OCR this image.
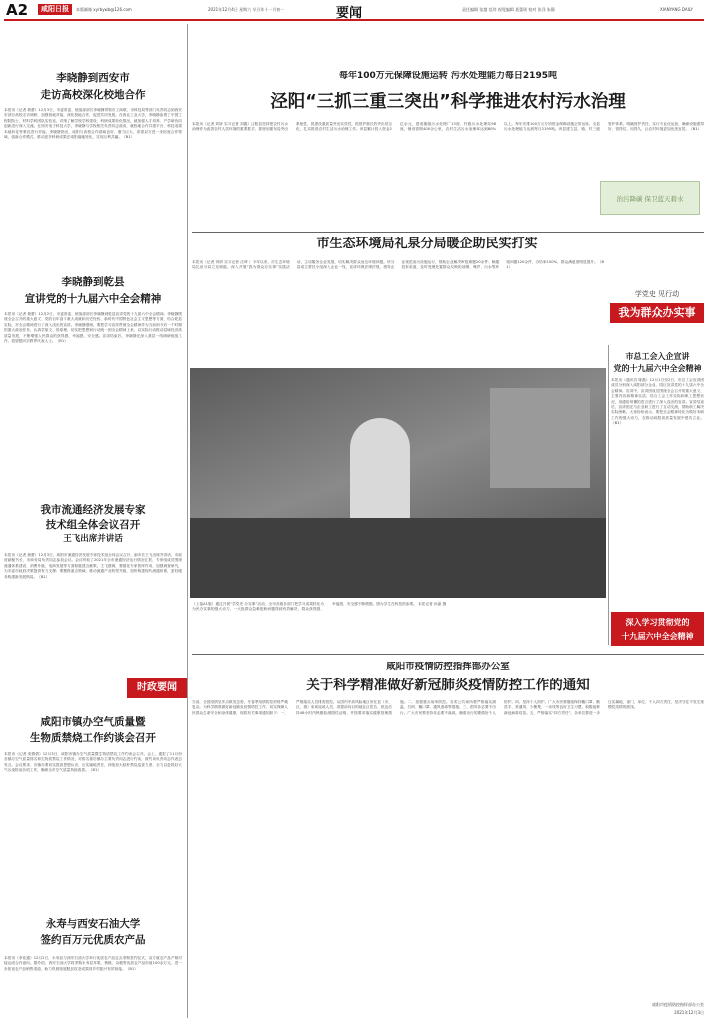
A2	咸阳日报	本版邮箱 xyrbywb@126.com	2021年12月4日 星期六 辛丑年十一月初一	要闻	责任编辑 张越 范玮 视觉编辑 聂蕾瑶 校对 张洋 朱静	XIANYANG DAILY
李晓静到西安市
走访高校深化校地合作
本报讯（记者 聂蕾）12月3日，市委常委、统战部部长李晓静带领市工商联、市科技局等部门负责同志到西安市部分高校走访调研，加强校地对接，深化校地合作，促进共同发展。在西北工业大学，李晓静参观了中国工程院院士、材料学科团队实验室，详细了解学校学科建设、科研成果转化情况，就加强人才培养、产学研协同创新进行深入交流。在西安电子科技大学，李晓静与学校相关负责同志座谈，就校地合作共建平台、科技成果本地转化等事宜进行对接。李晓静指出，咸阳与高校合作基础良好、潜力巨大，希望双方进一步拓宽合作领域，创新合作模式，推动更多科研成果在咸阳落地转化，实现互利共赢。（B1）
李晓静到乾县
宣讲党的十九届六中全会精神
本报讯（记者 聂蕾）12月2日，市委常委、统战部部长李晓静到乾县宣讲党的十九届六中全会精神。李晓静围绕全会召开的重大意义、党的百年奋斗重大成就和历史经验、新时代中国特色社会主义思想等方面，结合乾县实际，对全会精神进行了深入浅出的宣讲。李晓静强调，要把学习宣传贯彻全会精神作为当前和今后一个时期的重大政治任务，认真学原文、悟原理，切实把思想和行动统一到全会精神上来，以实际行动推动县域经济高质量发展，不断增强人民群众的获得感、幸福感、安全感。宣讲结束后，李晓静还深入基层一线调研统战工作，看望慰问宗教界代表人士。（B1）
我市流通经济发展专家
技术组全体会议召开
王飞出席并讲话
本报讯（记者 聂蕾）12月3日，咸阳市流通经济发展专家技术组全体会议召开，副市长王飞出席并讲话，市政府副秘书长、市商务局负责同志参加会议。会议听取了2021年全市流通经济运行情况汇报，专家组成员围绕流通体系建设、消费升级、电商发展等方面积极建言献策。王飞强调，要强化专家智库作用，加强调查研究，为市委市政府决策提供有力支撑；要聚焦重点领域，推动流通产业转型升级，加快构建现代流通体系，更好服务构建新发展格局。（B1）
时政要闻
咸阳市镇办空气质量暨
生物质禁烧工作约谈会召开
本报讯（记者 梁倩倩）12月3日，咸阳市镇办空气质量暨生物质禁烧工作约谈会召开。会上，通报了11月份各镇办空气质量排名和生物质禁烧工作情况，对排名靠后镇办主要负责同志进行约谈，被约谈负责同志作表态发言。会议要求，各镇办要切实提高思想认识，压实属地责任，持续加大秸秆禁烧巡查力度，全力以赴抓好大气污染防治各项工作，确保全市空气质量持续改善。（B1）
永寿与西安石油大学
签约百万元优质农产品
本报讯（李佳通）12月2日，永寿县与西安石油大学举行优质农产品定点采购签约仪式，双方就农产品产销对接达成合作意向。据介绍，西安石油大学将采购永寿县苹果、核桃、杂粮等优质农产品价值100余万元，进一步拓宽农产品销售渠道，助力巩固拓展脱贫攻坚成果同乡村振兴有效衔接。（B1）
每年100万元保障设施运转 污水处理能力每日2195吨
泾阳“三抓三重三突出”科学推进农村污水治理
本报讯（记者 刘妍 实习记者 刘鑫）泾阳县坚持把农村污水治理作为改善农村人居环境的重要抓手，抓规划重布局突出系统性，抓建设重质量突出实效性，抓管护重长效突出常态化，扎实推进农村生活污水治理工作。该县累计投入资金2亿余元，建成镇级污水处理厂13座、村级污水处理站98座，铺设管网400余公里，农村生活污水治理率达到80%以上。每年安排100万元专项资金保障设施正常运转，全县污水处理能力达到每日2195吨。该县建立县、镇、村三级管护体系，明确管护责任，实行专业化运营，确保设施建得好、管得住、用得久，让农村环境更加优美宜居。（B1）
治污降碳 保卫蓝天碧水
市生态环境局礼泉分局暖企助民实打实
本报讯（记者 刘妍 实习记者 汪琦 ）今年以来，市生态环境局礼泉分局立足职能，深入开展“我为群众办实事”实践活动，主动服务企业发展，切实解决群众身边环境问题。该分局成立帮扶小组深入企业一线，宣讲环保法律法规，指导企业规范治污设施运行，帮助企业解决审批难题20余件；畅通投诉渠道，及时受理处置群众反映的油烟、噪声、污水等环境问题120余件，办结率100%，群众满意度明显提升。（B1）
学党史 见行动
我为群众办实事
（上接A1版）通过开展“学党史 办实事”活动，全市各级各部门把学习成果转化为为民办实事的强大动力，一大批群众急难愁盼问题得到有效解决，群众获得感、幸福感、安全感不断增强。图为学生在科技馆参观。 本报记者 孙嘉 摄
市总工会入企宣讲
党的十九届六中全会精神
本报讯（通讯员 陈磊）12月1日至2日，市总工会宣讲团成员分别深入咸阳部分企业、园区宣讲党的十九届六中全会精神。宣讲中，宣讲团成员围绕全会召开的重大意义、主要内容和精神实质，结合工会工作实际和职工思想状况，用通俗易懂的语言进行了深入浅出的宣讲。宣讲结束后，宣讲团还与企业职工进行了互动交流，帮助职工解决实际困难。大家纷纷表示，要把全会精神转化为做好本职工作的强大动力，在推动咸阳高质量发展中建功立业。（B1）
深入学习贯彻党的
十九届六中全会精神
咸阳市疫情防控指挥部办公室
关于科学精准做好新冠肺炎疫情防控工作的通知
当前，全国疫情呈多点散发态势，冬春季疫情防控形势严峻复杂。为科学精准做好新冠肺炎疫情防控工作，切实保障人民群众生命安全和身体健康，现将有关事项通知如下：一、严格落实人员排查管控。从国内中高风险地区所在县（市、区、旗）来咸返咸人员，须提前向目的地社区报告，抵达后持48小时内核酸检测阴性证明，并按要求落实健康管理措施。二、加强重点场所防控。各类公共场所要严格落实测温、扫码、戴口罩、通风消毒等措施。三、倡导非必要不出行。广大市民要坚持非必要不离咸，确需出行的要做好个人防护。四、坚持个人防护。广大市民要继续保持戴口罩、勤洗手、常通风、少聚集、一米线等良好卫生习惯，积极接种新冠病毒疫苗。五、严格落实“四方责任”。各单位要进一步压实属地、部门、单位、个人四方责任，坚决守住不发生规模性疫情的底线。
咸阳市疫情防控指挥部办公室
2021年12月3日
